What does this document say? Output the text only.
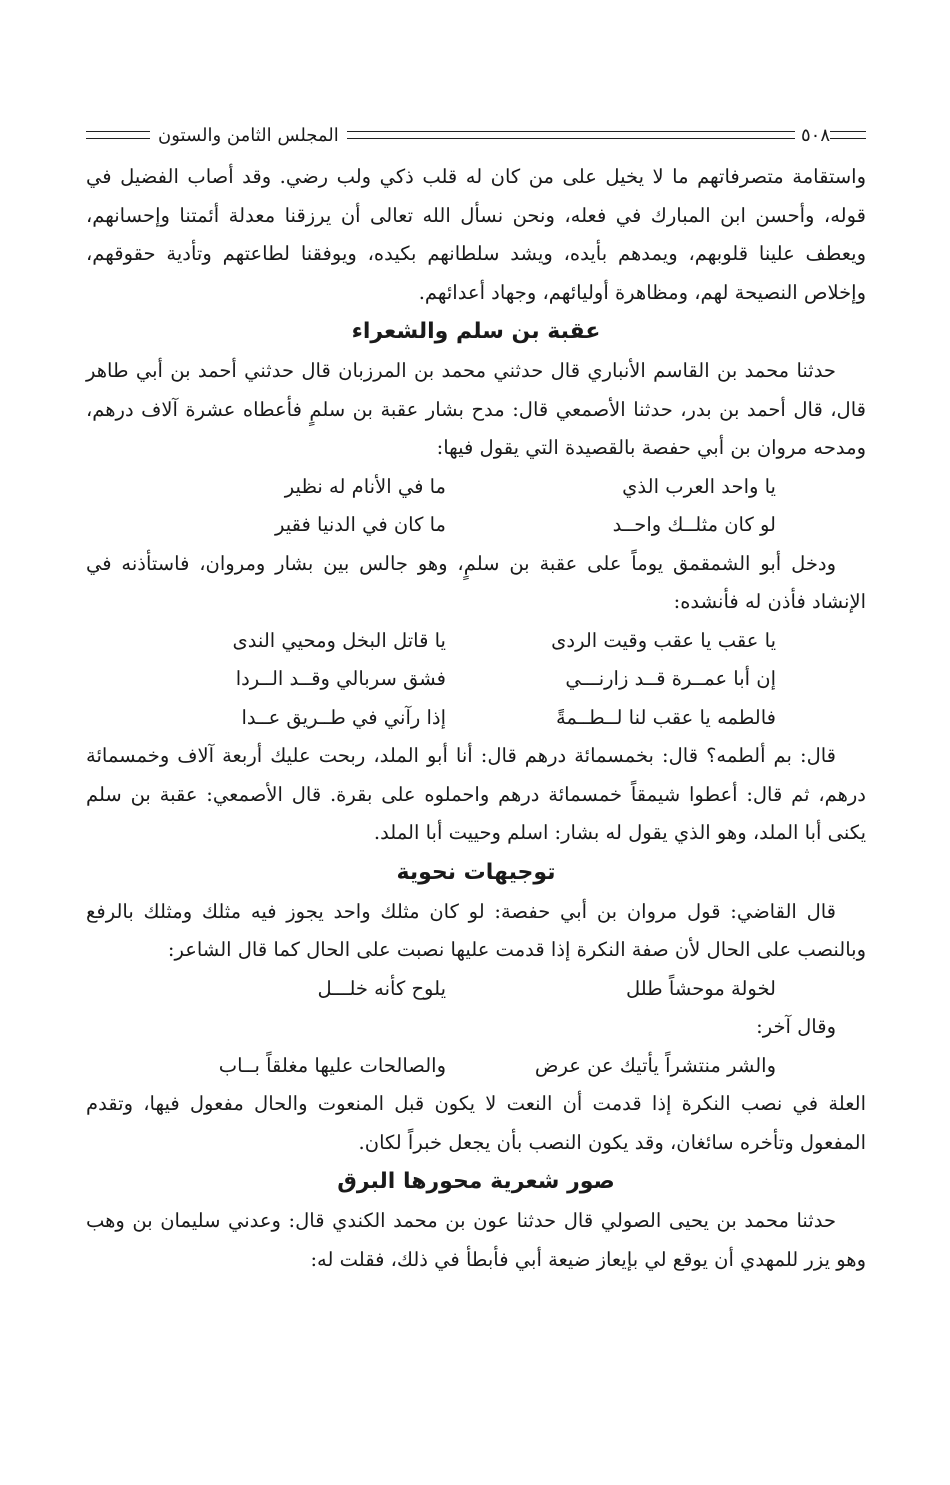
٥٠٨
المجلس الثامن والستون

واستقامة متصرفاتهم ما لا يخيل على من كان له قلب ذكي ولب رضي. وقد أصاب الفضيل في قوله، وأحسن ابن المبارك في فعله، ونحن نسأل الله تعالى أن يرزقنا معدلة أئمتنا وإحسانهم، ويعطف علينا قلوبهم، ويمدهم بأيده، ويشد سلطانهم بكيده، ويوفقنا لطاعتهم وتأدية حقوقهم، وإخلاص النصيحة لهم، ومظاهرة أوليائهم، وجهاد أعدائهم.

عقبة بن سلم والشعراء

حدثنا محمد بن القاسم الأنباري قال حدثني محمد بن المرزبان قال حدثني أحمد بن أبي طاهر قال، قال أحمد بن بدر، حدثنا الأصمعي قال: مدح بشار عقبة بن سلمٍ فأعطاه عشرة آلاف درهم، ومدحه مروان بن أبي حفصة بالقصيدة التي يقول فيها:

يا واحد العرب الذي
ما في الأنام له نظير
لو كان مثلــك واحــد
ما كان في الدنيا فقير

ودخل أبو الشمقمق يوماً على عقبة بن سلمٍ، وهو جالس بين بشار ومروان، فاستأذنه في الإنشاد فأذن له فأنشده:

يا عقب يا عقب وقيت الردى
يا قاتل البخل ومحيي الندى
إن أبا عمــرة قــد زارنـــي
فشق سربالي وقــد الــردا
فالطمه يا عقب لنا لــطــمةً
إذا رآني في طــريق عــدا

قال: بم ألطمه؟ قال: بخمسمائة درهم قال: أنا أبو الملد، ربحت عليك أربعة آلاف وخمسمائة درهم، ثم قال: أعطوا شيمقاً خمسمائة درهم واحملوه على بقرة. قال الأصمعي: عقبة بن سلم يكنى أبا الملد، وهو الذي يقول له بشار: اسلم وحييت أبا الملد.

توجيهات نحوية

قال القاضي: قول مروان بن أبي حفصة: لو كان مثلك واحد يجوز فيه مثلك ومثلك بالرفع وبالنصب على الحال لأن صفة النكرة إذا قدمت عليها نصبت على الحال كما قال الشاعر:

لخولة موحشاً طلل
يلوح كأنه خلـــل

وقال آخر:

والشر منتشراً يأتيك عن عرض
والصالحات عليها مغلقاً بــاب

العلة في نصب النكرة إذا قدمت أن النعت لا يكون قبل المنعوت والحال مفعول فيها، وتقدم المفعول وتأخره سائغان، وقد يكون النصب بأن يجعل خبراً لكان.

صور شعرية محورها البرق

حدثنا محمد بن يحيى الصولي قال حدثنا عون بن محمد الكندي قال: وعدني سليمان بن وهب وهو يزر للمهدي أن يوقع لي بإيعاز ضيعة أبي فأبطأ في ذلك، فقلت له:
